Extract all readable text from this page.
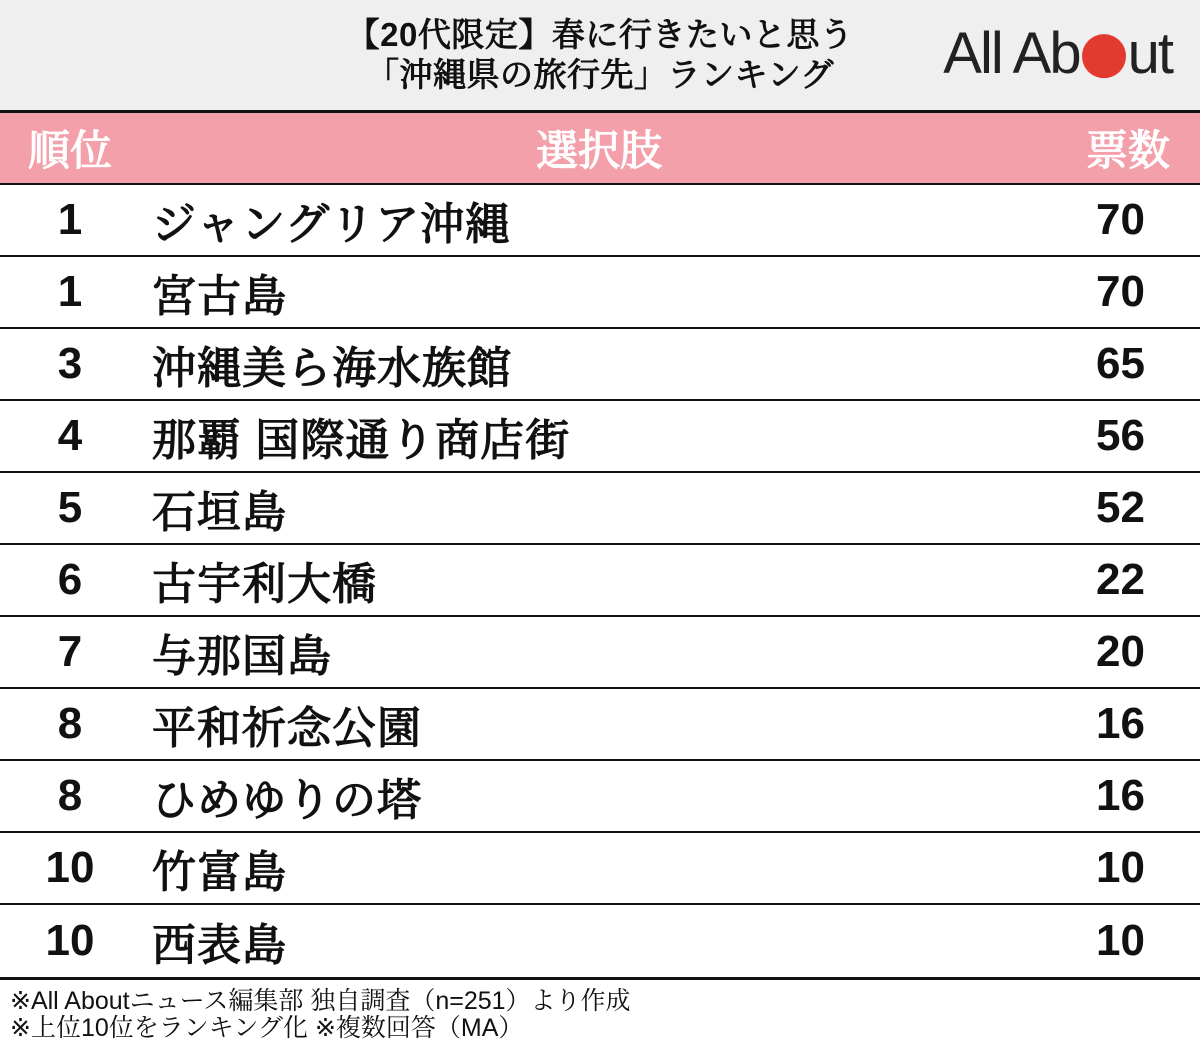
【20代限定】春に行きたいと思う
「沖縄県の旅行先」ランキング	All Ab ut
順位	選択肢	票数
1	ジャングリア沖縄	70
1	宮古島	70
3	沖縄美ら海水族館	65
4	那覇 国際通り商店街	56
5	石垣島	52
6	古宇利大橋	22
7	与那国島	20
8	平和祈念公園	16
8	ひめゆりの塔	16
10	竹富島	10
10	西表島	10
※All Aboutニュース編集部 独自調査（n=251）より作成
※上位10位をランキング化 ※複数回答（MA）
